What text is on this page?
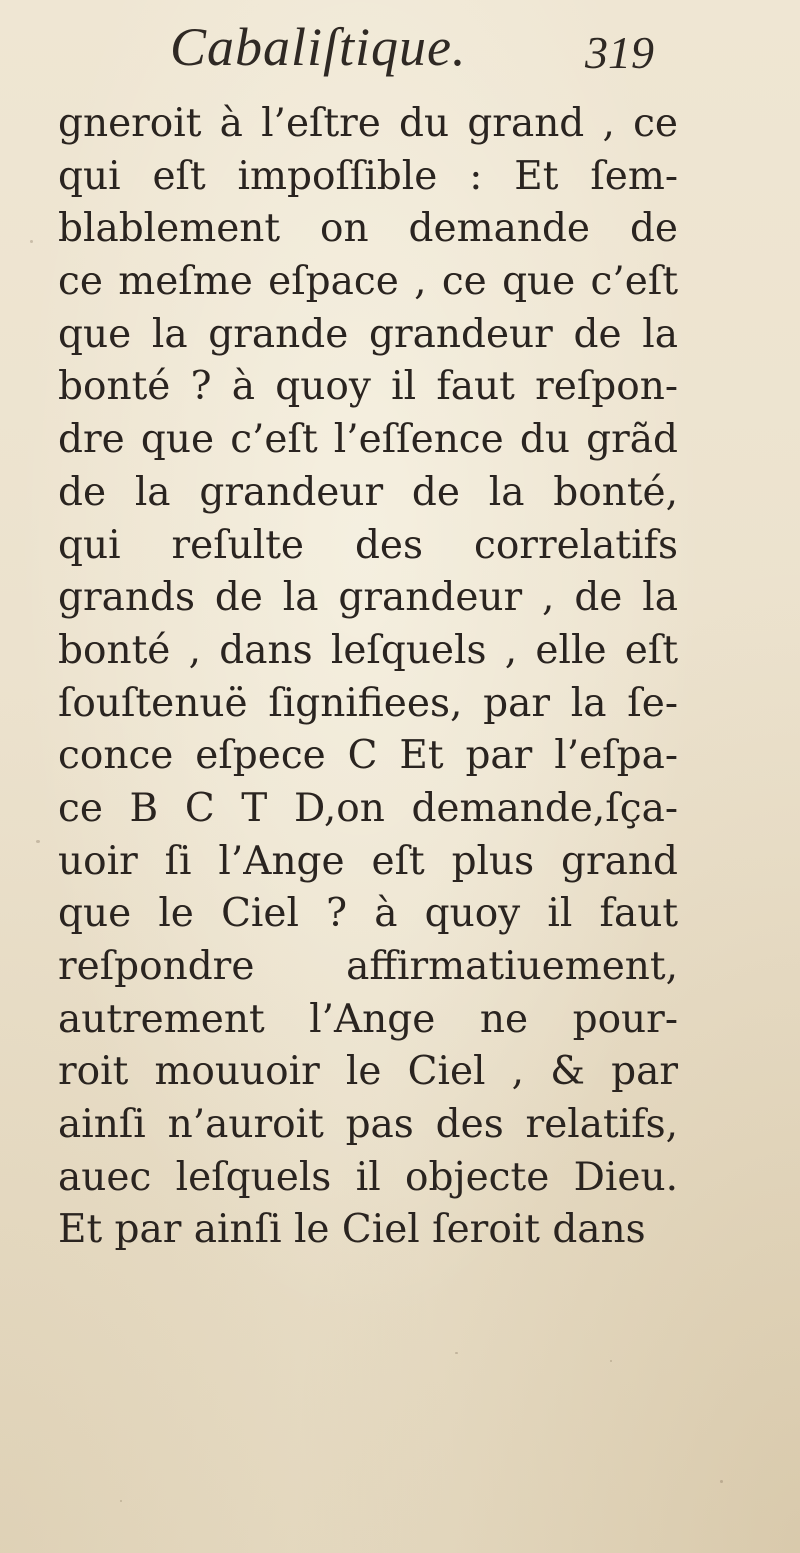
Cabaliſtique.	319
gneroit à l’eſtre du grand , ce
qui eſt impoſſible : Et ſem-
blablement on demande de
ce meſme eſpace , ce que c’eſt
que la grande grandeur de la
bonté ? à quoy il faut reſpon-
dre que c’eſt l’eſſence du grãd
de la grandeur de la bonté,
qui reſulte des correlatifs
grands de la grandeur , de la
bonté , dans leſquels , elle eſt
ſouſtenuë ſignifiees, par la ſe-
conce eſpece C Et par l’eſpa-
ce B C T D,on demande,ſça-
uoir ſi l’Ange eſt plus grand
que le Ciel ? à quoy il faut
reſpondre affirmatiuement,
autrement l’Ange ne pour-
roit mouuoir le Ciel , & par
ainſi n’auroit pas des relatifs,
auec leſquels il objecte Dieu.
Et par ainſi le Ciel ſeroit dans
